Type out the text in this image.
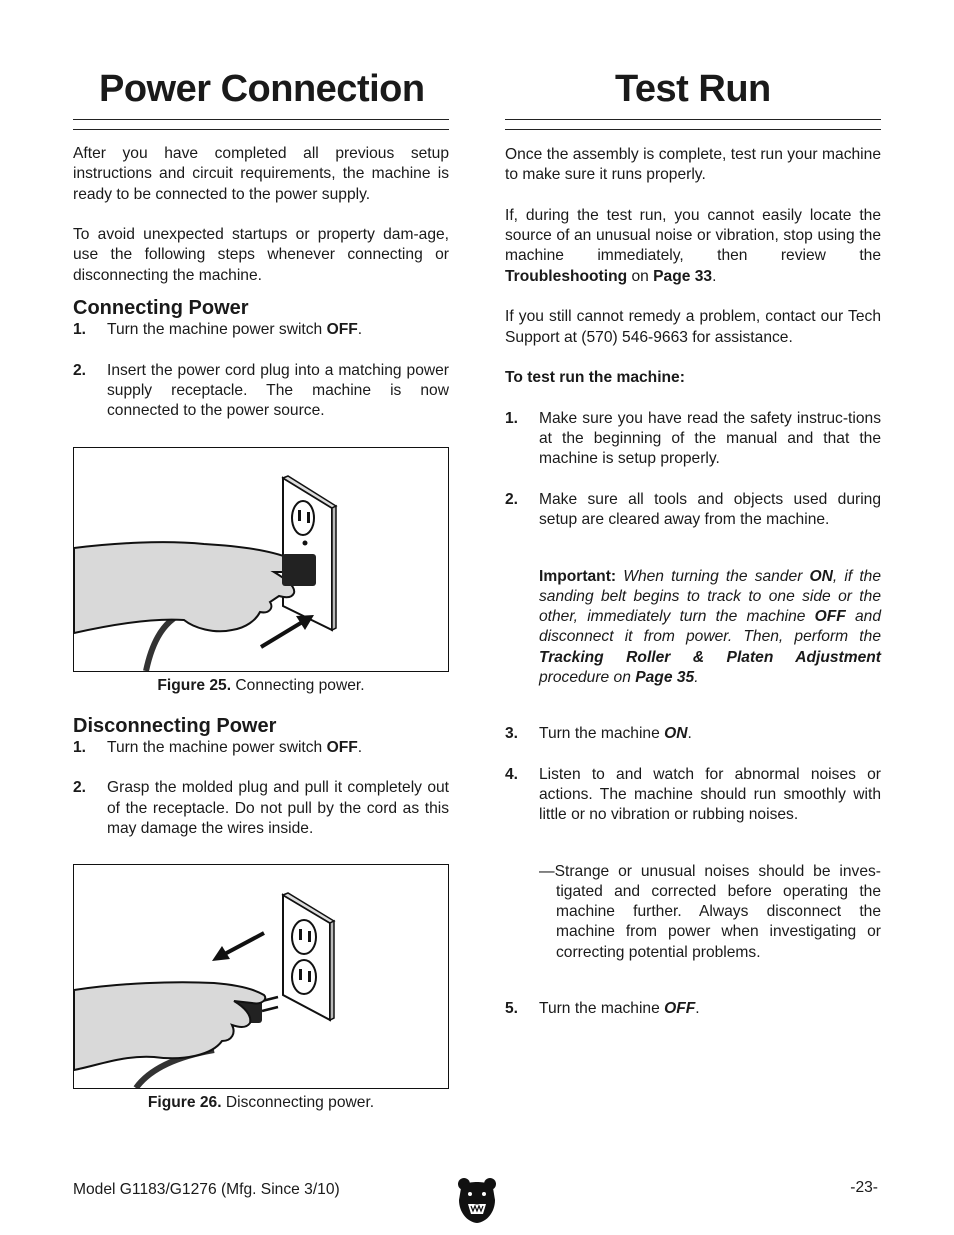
Power Connection

After you have completed all previous setup instructions and circuit requirements, the machine is ready to be connected to the power supply.

To avoid unexpected startups or property dam-age, use the following steps whenever connecting or disconnecting the machine.

Connecting Power
1.	Turn the machine power switch OFF.
2.	Insert the power cord plug into a matching power supply receptacle. The machine is now connected to the power source.
Figure 25. Connecting power.
Disconnecting Power
1.	Turn the machine power switch OFF.
2.	Grasp the molded plug and pull it completely out of the receptacle. Do not pull by the cord as this may damage the wires inside.
Figure 26. Disconnecting power.
Test Run

Once the assembly is complete, test run your machine to make sure it runs properly.

If, during the test run, you cannot easily locate the source of an unusual noise or vibration, stop using the machine immediately, then review the Troubleshooting on Page 33.

If you still cannot remedy a problem, contact our Tech Support at (570) 546-9663 for assistance.

To test run the machine:

1.	Make sure you have read the safety instruc-tions at the beginning of the manual and that the machine is setup properly.
2.	Make sure all tools and objects used during setup are cleared away from the machine.

Important: When turning the sander ON, if the sanding belt begins to track to one side or the other, immediately turn the machine OFF and disconnect it from power. Then, perform the Tracking Roller & Platen Adjustment procedure on Page 35.

3.	Turn the machine ON.
4.	Listen to and watch for abnormal noises or actions. The machine should run smoothly with little or no vibration or rubbing noises.

—Strange or unusual noises should be inves-tigated and corrected before operating the machine further. Always disconnect the machine from power when investigating or correcting potential problems.

5.	Turn the machine OFF.
Model G1183/G1276 (Mfg. Since 3/10)	-23-
